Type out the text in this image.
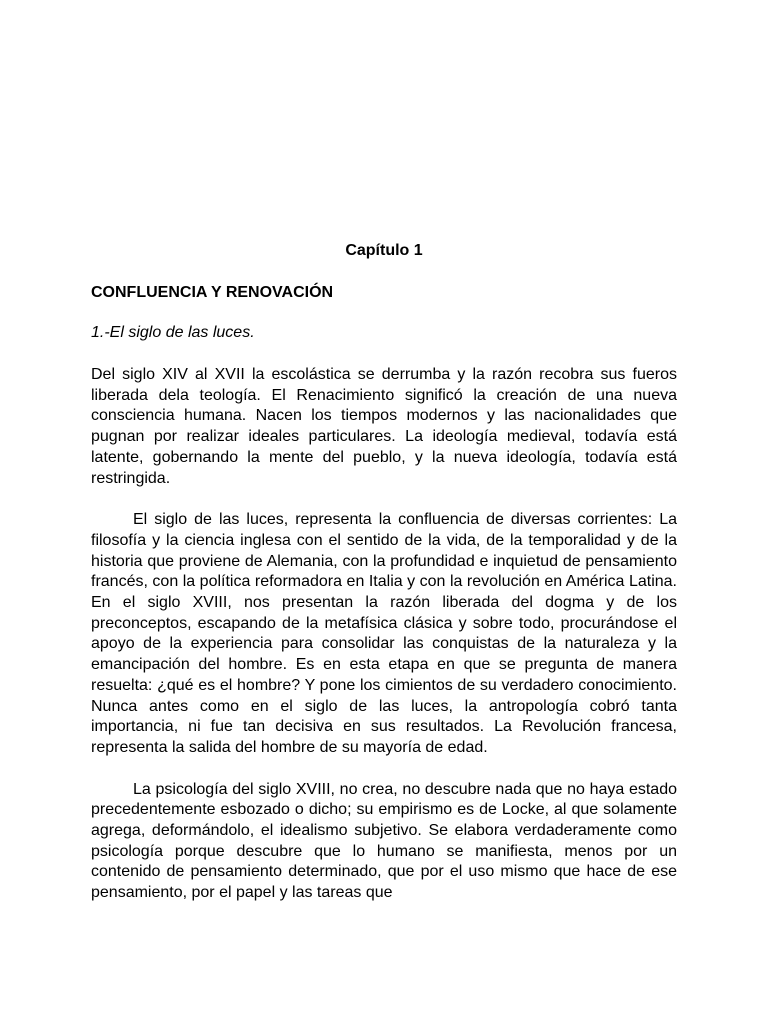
Capítulo 1
CONFLUENCIA Y RENOVACIÓN
1.-El siglo de las luces.

Del siglo XIV al XVII la escolástica se derrumba y la razón recobra sus fueros liberada dela teología. El Renacimiento significó la creación de una nueva consciencia humana. Nacen los tiempos modernos y las nacionalidades que pugnan por realizar ideales particulares. La ideología medieval, todavía está latente, gobernando la mente del pueblo, y la nueva ideología, todavía está restringida.

El siglo de las luces, representa la confluencia de diversas corrientes: La filosofía y la ciencia inglesa con el sentido de la vida, de la temporalidad y de la historia que proviene de Alemania, con la profundidad e inquietud de pensamiento francés, con la política reformadora en Italia y con la revolución en América Latina. En el siglo XVIII, nos presentan la razón liberada del dogma y de los preconceptos, escapando de la metafísica clásica y sobre todo, procurándose el apoyo de la experiencia para consolidar las conquistas de la naturaleza y la emancipación del hombre. Es en esta etapa en que se pregunta de manera resuelta: ¿qué es el hombre? Y pone los cimientos de su verdadero conocimiento. Nunca antes como en el siglo de las luces, la antropología cobró tanta importancia, ni fue tan decisiva en sus resultados. La Revolución francesa, representa la salida del hombre de su mayoría de edad.

La psicología del siglo XVIII, no crea, no descubre nada que no haya estado precedentemente esbozado o dicho; su empirismo es de Locke, al que solamente agrega, deformándolo, el idealismo subjetivo. Se elabora verdaderamente como psicología porque descubre que lo humano se manifiesta, menos por un contenido de pensamiento determinado, que por el uso mismo que hace de ese pensamiento, por el papel y las tareas que
